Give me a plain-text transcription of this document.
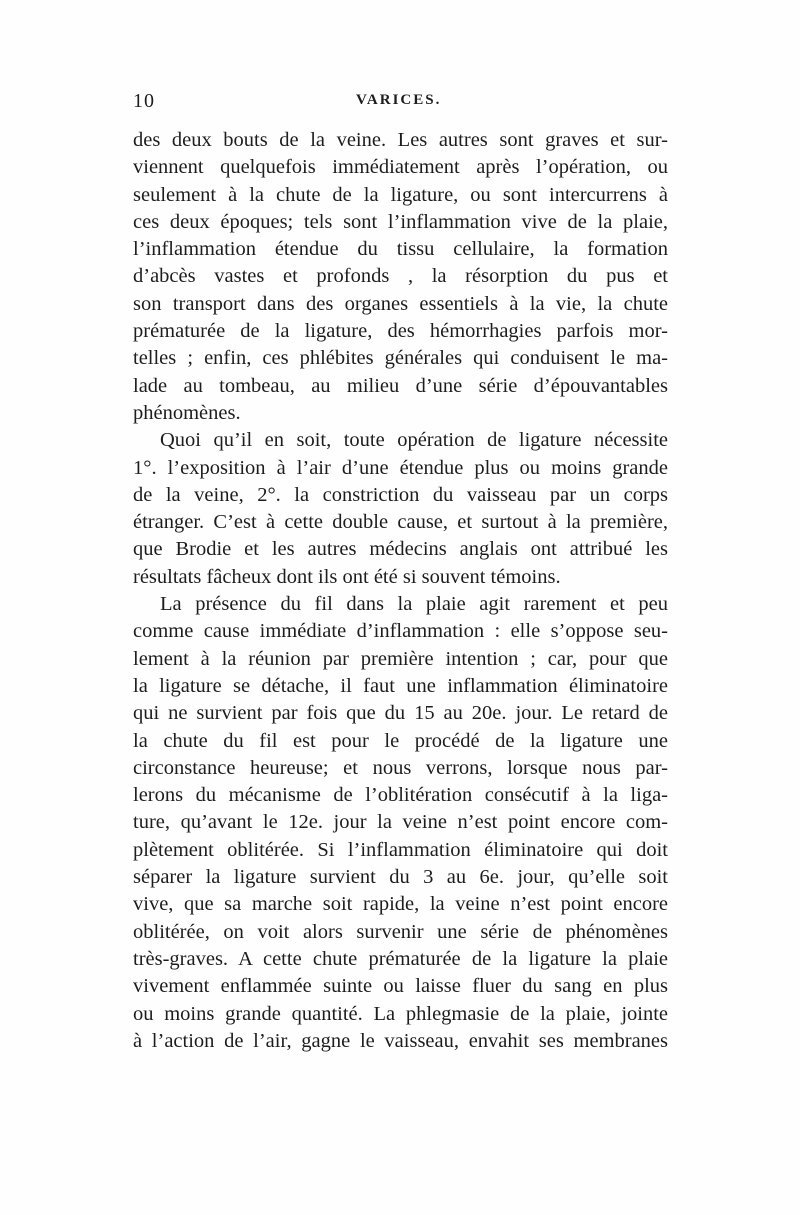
10	VARICES.
des deux bouts de la veine. Les autres sont graves et sur-
viennent quelquefois immédiatement après l’opération, ou
seulement à la chute de la ligature, ou sont intercurrens à
ces deux époques; tels sont l’inflammation vive de la plaie,
l’inflammation étendue du tissu cellulaire, la formation
d’abcès vastes et profonds , la résorption du pus et
son transport dans des organes essentiels à la vie, la chute
prématurée de la ligature, des hémorrhagies parfois mor-
telles ; enfin, ces phlébites générales qui conduisent le ma-
lade au tombeau, au milieu d’une série d’épouvantables
phénomènes.
Quoi qu’il en soit, toute opération de ligature nécessite
1°. l’exposition à l’air d’une étendue plus ou moins grande
de la veine, 2°. la constriction du vaisseau par un corps
étranger. C’est à cette double cause, et surtout à la première,
que Brodie et les autres médecins anglais ont attribué les
résultats fâcheux dont ils ont été si souvent témoins.
La présence du fil dans la plaie agit rarement et peu
comme cause immédiate d’inflammation : elle s’oppose seu-
lement à la réunion par première intention ; car, pour que
la ligature se détache, il faut une inflammation éliminatoire
qui ne survient par fois que du 15 au 20e. jour. Le retard de
la chute du fil est pour le procédé de la ligature une
circonstance heureuse; et nous verrons, lorsque nous par-
lerons du mécanisme de l’oblitération consécutif à la liga-
ture, qu’avant le 12e. jour la veine n’est point encore com-
plètement oblitérée. Si l’inflammation éliminatoire qui doit
séparer la ligature survient du 3 au 6e. jour, qu’elle soit
vive, que sa marche soit rapide, la veine n’est point encore
oblitérée, on voit alors survenir une série de phénomènes
très-graves. A cette chute prématurée de la ligature la plaie
vivement enflammée suinte ou laisse fluer du sang en plus
ou moins grande quantité. La phlegmasie de la plaie, jointe
à l’action de l’air, gagne le vaisseau, envahit ses membranes
